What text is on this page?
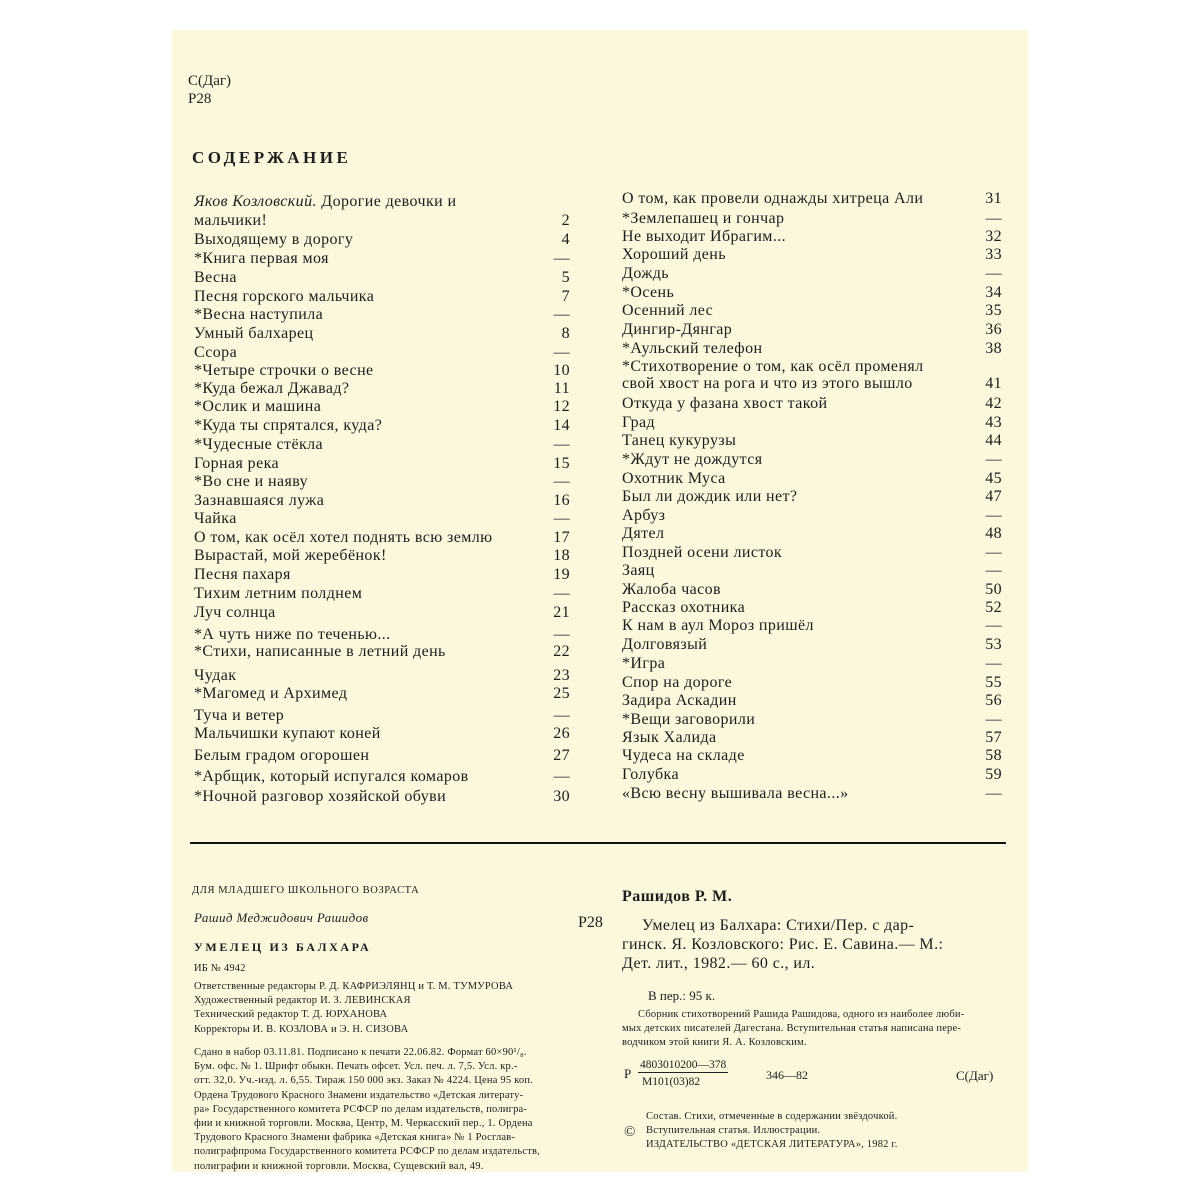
С(Даг)
Р28
СОДЕРЖАНИЕ
Яков Козловский. Дорогие девочки и
мальчики!	2
Выходящему в дорогу	4
*Книга первая моя	—
Весна	5
Песня горского мальчика	7
*Весна наступила	—
Умный балхарец	8
Ссора	—
*Четыре строчки о весне	10
*Куда бежал Джавад?	11
*Ослик и машина	12
*Куда ты спрятался, куда?	14
*Чудесные стёкла	—
Горная река	15
*Во сне и наяву	—
Зазнавшаяся лужа	16
Чайка	—
О том, как осёл хотел поднять всю землю	17
Вырастай, мой жеребёнок!	18
Песня пахаря	19
Тихим летним полднем	—
Луч солнца	21
*А чуть ниже по теченью...	—
*Стихи, написанные в летний день	22
Чудак	23
*Магомед и Архимед	25
Туча и ветер	—
Мальчишки купают коней	26
Белым градом огорошен	27
*Арбщик, который испугался комаров	—
*Ночной разговор хозяйской обуви	30
О том, как провели однажды хитреца Али	31
*Землепашец и гончар	—
Не выходит Ибрагим...	32
Хороший день	33
Дождь	—
*Осень	34
Осенний лес	35
Дингир-Дянгар	36
*Аульский телефон	38
*Стихотворение о том, как осёл променял
свой хвост на рога и что из этого вышло	41
Откуда у фазана хвост такой	42
Град	43
Танец кукурузы	44
*Ждут не дождутся	—
Охотник Муса	45
Был ли дождик или нет?	47
Арбуз	—
Дятел	48
Поздней осени листок	—
Заяц	—
Жалоба часов	50
Рассказ охотника	52
К нам в аул Мороз пришёл	—
Долговязый	53
*Игра	—
Спор на дороге	55
Задира Аскадин	56
*Вещи заговорили	—
Язык Халида	57
Чудеса на складе	58
Голубка	59
«Всю весну вышивала весна...»	—
ДЛЯ МЛАДШЕГО ШКОЛЬНОГО ВОЗРАСТА
Рашид Меджидович Рашидов	Р28
УМЕЛЕЦ ИЗ БАЛХАРА
ИБ № 4942
Ответственные редакторы Р. Д. КАФРИЭЛЯНЦ и Т. М. ТУМУРОВА
Художественный редактор И. З. ЛЕВИНСКАЯ
Технический редактор Т. Д. ЮРХАНОВА
Корректоры И. В. КОЗЛОВА и Э. Н. СИЗОВА
Сдано в набор 03.11.81. Подписано к печати 22.06.82. Формат 60×90¹/₈.
Бум. офс. № 1. Шрифт обыкн. Печать офсет. Усл. печ. л. 7,5. Усл. кр.-
отт. 32,0. Уч.-изд. л. 6,55. Тираж 150 000 экз. Заказ № 4224. Цена 95 коп.
Ордена Трудового Красного Знамени издательство «Детская литерату-
ра» Государственного комитета РСФСР по делам издательств, полигра-
фии и книжной торговли. Москва, Центр, М. Черкасский пер., 1. Ордена
Трудового Красного Знамени фабрика «Детская книга» № 1 Росглав-
полиграфпрома Государственного комитета РСФСР по делам издательств,
полиграфии и книжной торговли. Москва, Сущевский вал, 49.
Рашидов Р. М.
Умелец из Балхара: Стихи/Пер. с дар-
гинск. Я. Козловского: Рис. Е. Савина.— М.:
Дет. лит., 1982.— 60 с., ил.
В пер.: 95 к.
Сборник стихотворений Рашида Рашидова, одного из наиболее люби-
мых детских писателей Дагестана. Вступительная статья написана пере-
водчиком этой книги Я. А. Козловским.
Р
4803010200—378
М101(03)82	346—82	С(Даг)
©
Состав. Стихи, отмеченные в содержании звёздочкой.
Вступительная статья. Иллюстрации.
ИЗДАТЕЛЬСТВО «ДЕТСКАЯ ЛИТЕРАТУРА», 1982 г.
